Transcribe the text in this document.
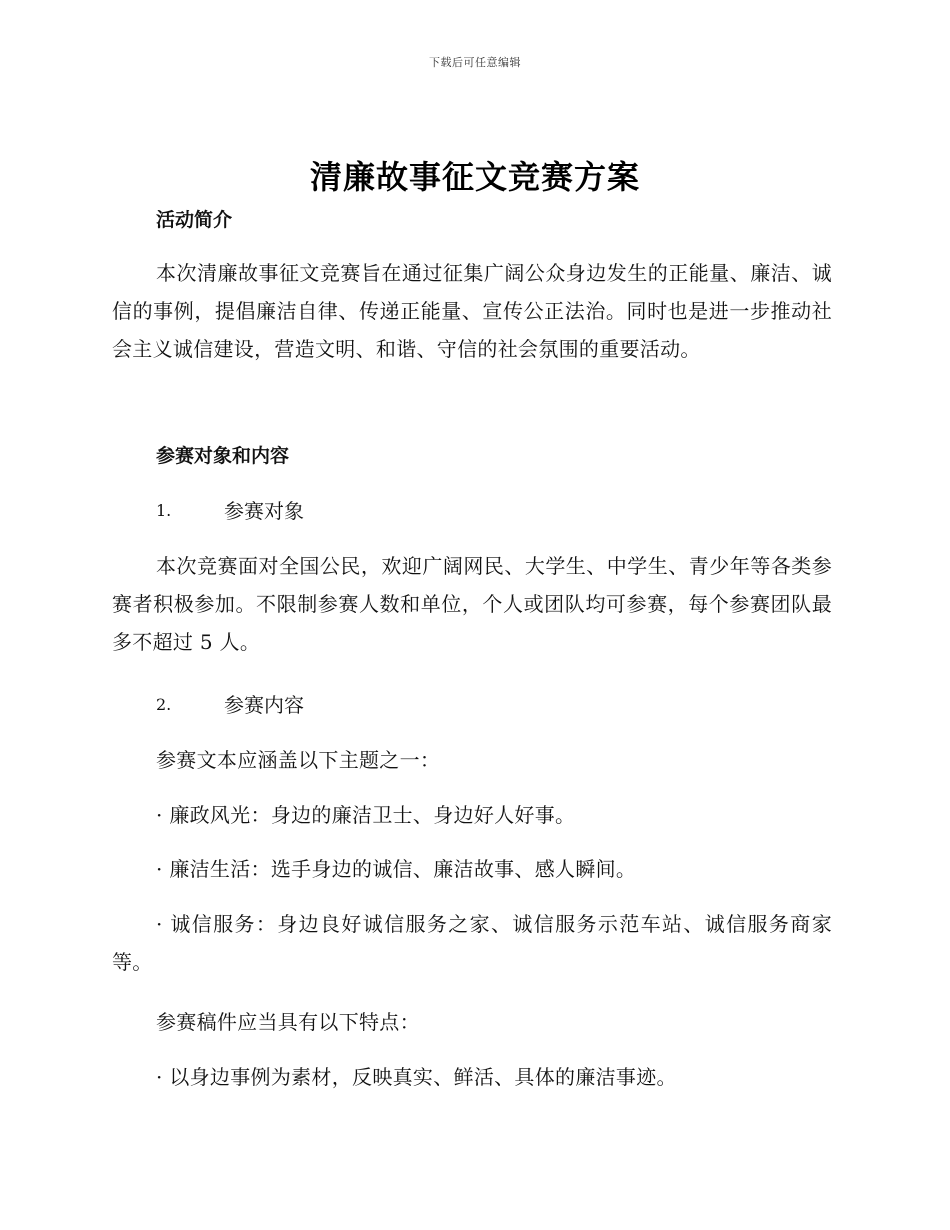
下载后可任意编辑
清廉故事征文竞赛方案
活动简介
本次清廉故事征文竞赛旨在通过征集广阔公众身边发生的正能量、廉洁、诚信的事例，提倡廉洁自律、传递正能量、宣传公正法治。同时也是进一步推动社会主义诚信建设，营造文明、和谐、守信的社会氛围的重要活动。
参赛对象和内容
1.	参赛对象
本次竞赛面对全国公民，欢迎广阔网民、大学生、中学生、青少年等各类参赛者积极参加。不限制参赛人数和单位，个人或团队均可参赛，每个参赛团队最多不超过 5 人。
2.	参赛内容
参赛文本应涵盖以下主题之一：
· 廉政风光：身边的廉洁卫士、身边好人好事。
· 廉洁生活：选手身边的诚信、廉洁故事、感人瞬间。
· 诚信服务：身边良好诚信服务之家、诚信服务示范车站、诚信服务商家等。
参赛稿件应当具有以下特点：
· 以身边事例为素材，反映真实、鲜活、具体的廉洁事迹。
